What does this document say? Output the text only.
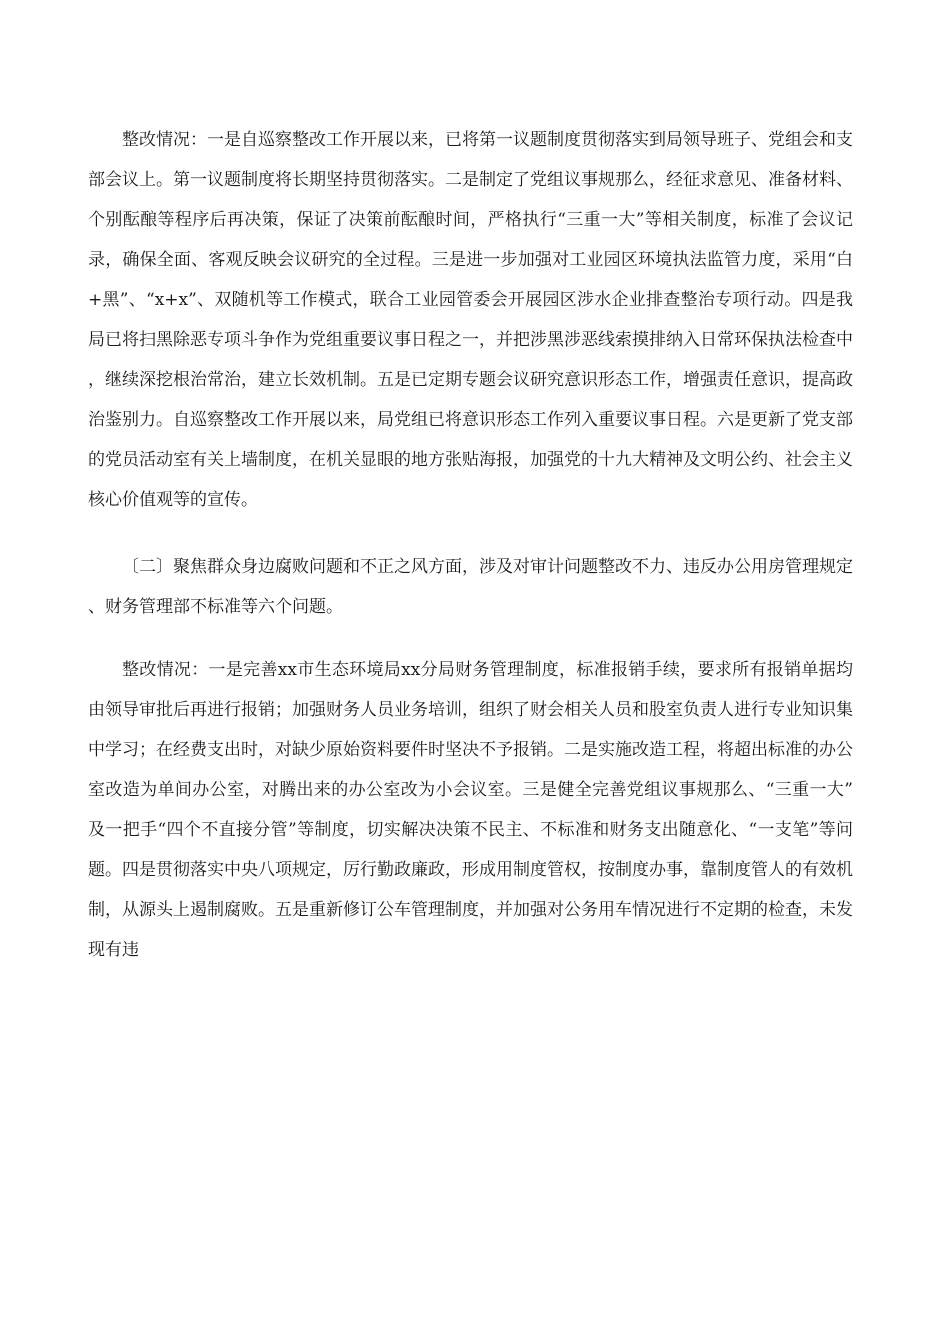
整改情况：一是自巡察整改工作开展以来，已将第一议题制度贯彻落实到局领导班子、党组会和支部会议上。第一议题制度将长期坚持贯彻落实。二是制定了党组议事规那么，经征求意见、准备材料、个别酝酿等程序后再决策，保证了决策前酝酿时间，严格执行“三重一大”等相关制度，标准了会议记录，确保全面、客观反映会议研究的全过程。三是进一步加强对工业园区环境执法监管力度，采用“白+黑”、“x+x”、双随机等工作模式，联合工业园管委会开展园区涉水企业排查整治专项行动。四是我局已将扫黑除恶专项斗争作为党组重要议事日程之一，并把涉黑涉恶线索摸排纳入日常环保执法检查中，继续深挖根治常治，建立长效机制。五是已定期专题会议研究意识形态工作，增强责任意识，提高政治鉴别力。自巡察整改工作开展以来，局党组已将意识形态工作列入重要议事日程。六是更新了党支部的党员活动室有关上墙制度，在机关显眼的地方张贴海报，加强党的十九大精神及文明公约、社会主义核心价值观等的宣传。

〔二〕聚焦群众身边腐败问题和不正之风方面，涉及对审计问题整改不力、违反办公用房管理规定、财务管理部不标准等六个问题。

整改情况：一是完善xx市生态环境局xx分局财务管理制度，标准报销手续，要求所有报销单据均由领导审批后再进行报销；加强财务人员业务培训，组织了财会相关人员和股室负责人进行专业知识集中学习；在经费支出时，对缺少原始资料要件时坚决不予报销。二是实施改造工程，将超出标准的办公室改造为单间办公室，对腾出来的办公室改为小会议室。三是健全完善党组议事规那么、“三重一大”及一把手“四个不直接分管”等制度，切实解决决策不民主、不标准和财务支出随意化、“一支笔”等问题。四是贯彻落实中央八项规定，厉行勤政廉政，形成用制度管权，按制度办事，靠制度管人的有效机制，从源头上遏制腐败。五是重新修订公车管理制度，并加强对公务用车情况进行不定期的检查，未发现有违
